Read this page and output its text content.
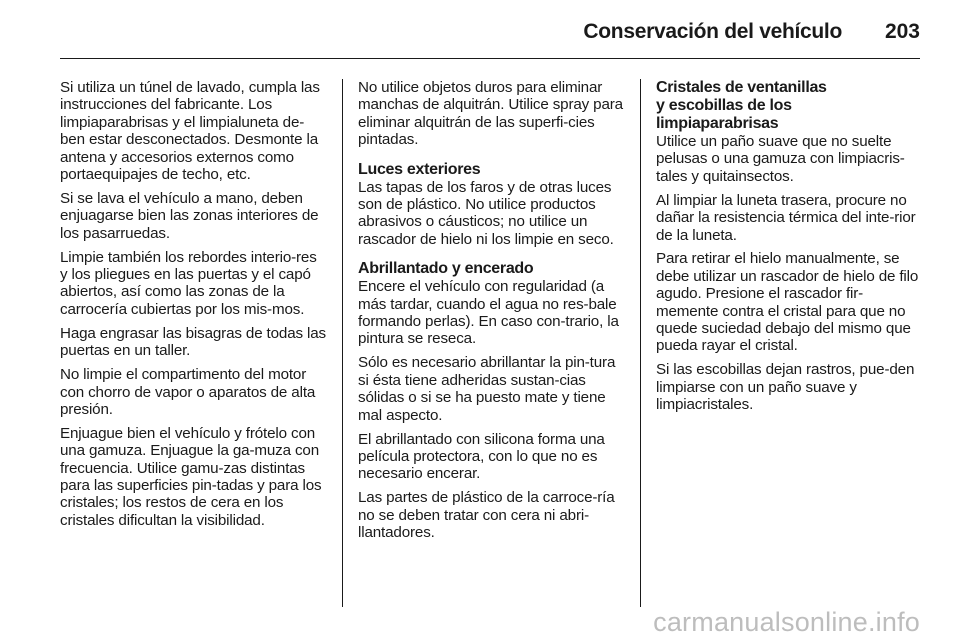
Conservación del vehículo 203

Si utiliza un túnel de lavado, cumpla las instrucciones del fabricante. Los limpiaparabrisas y el limpialuneta de-ben estar desconectados. Desmonte la antena y accesorios externos como portaequipajes de techo, etc.

Si se lava el vehículo a mano, deben enjuagarse bien las zonas interiores de los pasarruedas.

Limpie también los rebordes interio-res y los pliegues en las puertas y el capó abiertos, así como las zonas de la carrocería cubiertas por los mis-mos.

Haga engrasar las bisagras de todas las puertas en un taller.

No limpie el compartimento del motor con chorro de vapor o aparatos de alta presión.

Enjuague bien el vehículo y frótelo con una gamuza. Enjuague la ga-muza con frecuencia. Utilice gamu-zas distintas para las superficies pin-tadas y para los cristales; los restos de cera en los cristales dificultan la visibilidad.

No utilice objetos duros para eliminar manchas de alquitrán. Utilice spray para eliminar alquitrán de las superfi-cies pintadas.

Luces exteriores

Las tapas de los faros y de otras luces son de plástico. No utilice productos abrasivos o cáusticos; no utilice un rascador de hielo ni los limpie en seco.

Abrillantado y encerado

Encere el vehículo con regularidad (a más tardar, cuando el agua no res-bale formando perlas). En caso con-trario, la pintura se reseca.

Sólo es necesario abrillantar la pin-tura si ésta tiene adheridas sustan-cias sólidas o si se ha puesto mate y tiene mal aspecto.

El abrillantado con silicona forma una película protectora, con lo que no es necesario encerar.

Las partes de plástico de la carroce-ría no se deben tratar con cera ni abri-llantadores.

Cristales de ventanillas
y escobillas de los
limpiaparabrisas

Utilice un paño suave que no suelte pelusas o una gamuza con limpiacris-tales y quitainsectos.

Al limpiar la luneta trasera, procure no dañar la resistencia térmica del inte-rior de la luneta.

Para retirar el hielo manualmente, se debe utilizar un rascador de hielo de filo agudo. Presione el rascador fir-memente contra el cristal para que no quede suciedad debajo del mismo que pueda rayar el cristal.

Si las escobillas dejan rastros, pue-den limpiarse con un paño suave y limpiacristales.

carmanualsonline.info
